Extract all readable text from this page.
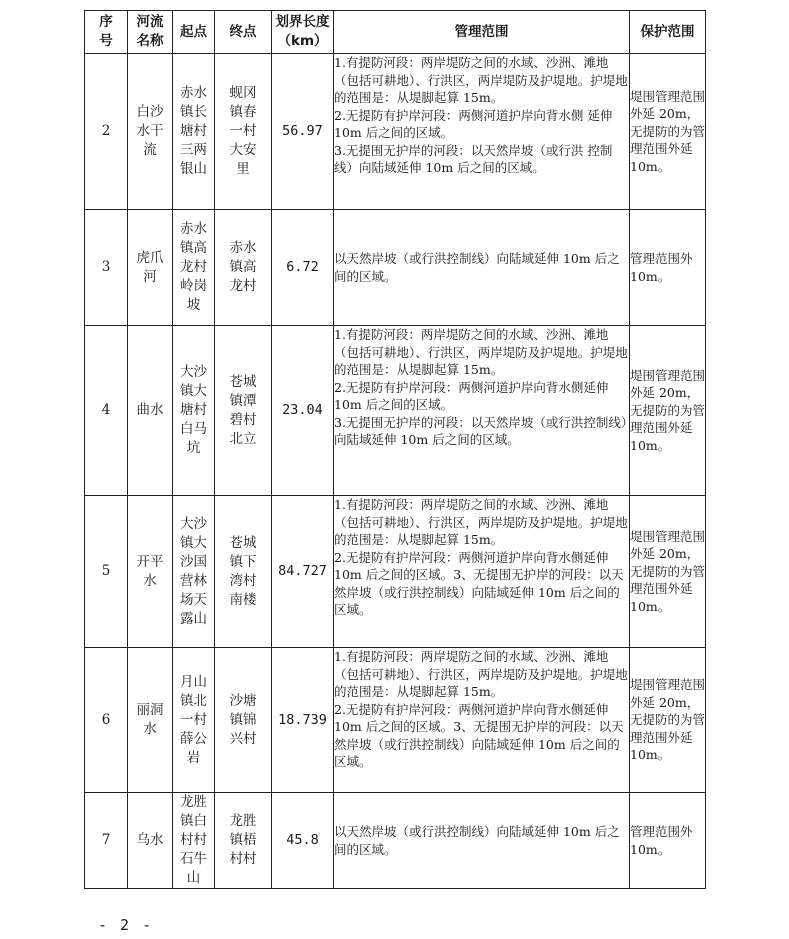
序号	河流名称	起点	终点	划界长度（km）	管理范围	保护范围
2	白沙水干流	赤水镇长塘村三两银山	蚬冈镇春一村大安里	56.97	1.有提防河段：两岸堤防之间的水域、沙洲、滩地（包括可耕地）、行洪区，两岸堤防及护堤地。护堤地的范围是：从堤脚起算 15m。
2.无提防有护岸河段：两侧河道护岸向背水侧 延伸 10m 后之间的区域。
3.无提围无护岸的河段：以天然岸坡（或行洪 控制线）向陆域延伸 10m 后之间的区域。	堤围管理范围外延 20m，无提防的为管理范围外延 10m。
3	虎爪河	赤水镇高龙村岭岗坡	赤水镇高龙村	6.72	以天然岸坡（或行洪控制线）向陆域延伸 10m 后之间的区域。	管理范围外 10m。
4	曲水	大沙镇大塘村白马坑	苍城镇潭碧村北立	23.04	1.有提防河段：两岸堤防之间的水域、沙洲、滩地（包括可耕地）、行洪区，两岸堤防及护堤地。护堤地的范围是：从堤脚起算 15m。
2.无提防有护岸河段：两侧河道护岸向背水侧延伸 10m 后之间的区域。
3.无提围无护岸的河段：以天然岸坡（或行洪控制线）向陆域延伸 10m 后之间的区域。	堤围管理范围外延 20m，无提防的为管理范围外延 10m。
5	开平水	大沙镇大沙国营林场天露山	苍城镇下湾村南楼	84.727	1.有提防河段：两岸堤防之间的水域、沙洲、滩地（包括可耕地）、行洪区，两岸堤防及护堤地。护堤地的范围是：从堤脚起算 15m。
2.无提防有护岸河段：两侧河道护岸向背水侧延伸 10m 后之间的区域。3、无提围无护岸的河段：以天然岸坡（或行洪控制线）向陆域延伸 10m 后之间的区域。	堤围管理范围外延 20m，无提防的为管理范围外延 10m。
6	丽洞水	月山镇北一村薛公岩	沙塘镇锦兴村	18.739	1.有提防河段：两岸堤防之间的水域、沙洲、滩地（包括可耕地）、行洪区，两岸堤防及护堤地。护堤地的范围是：从堤脚起算 15m。
2.无提防有护岸河段：两侧河道护岸向背水侧延伸 10m 后之间的区域。3、无提围无护岸的河段：以天然岸坡（或行洪控制线）向陆域延伸 10m 后之间的区域。	堤围管理范围外延 20m，无提防的为管理范围外延 10m。
7	乌水	龙胜镇白村村石牛山	龙胜镇梧村村	45.8	以天然岸坡（或行洪控制线）向陆域延伸 10m 后之间的区域。	管理范围外 10m。
- 2 -
